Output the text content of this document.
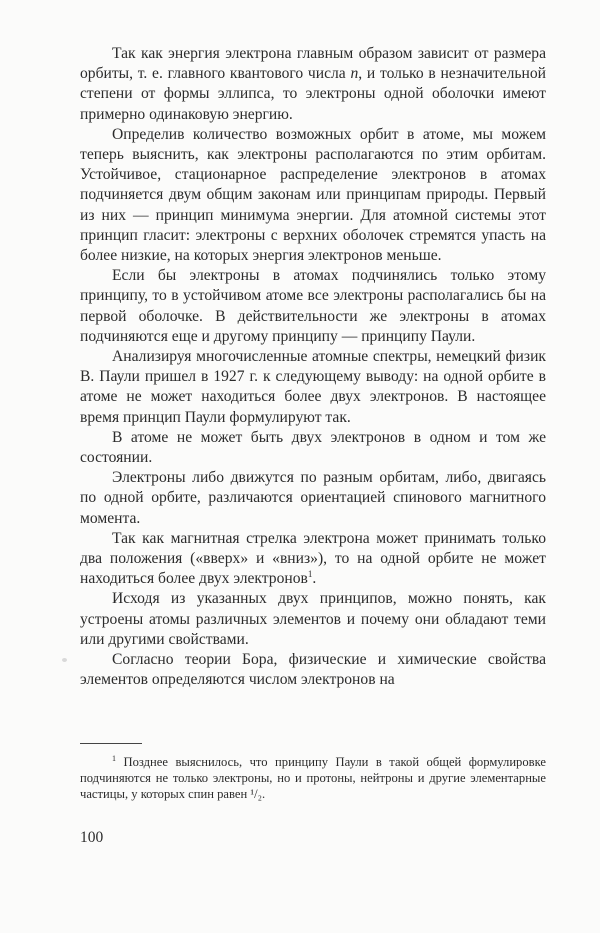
Так как энергия электрона главным образом зависит от размера орбиты, т. е. главного квантового числа n, и только в незначительной степени от формы эллипса, то электроны одной оболочки имеют примерно одинаковую энергию.

Определив количество возможных орбит в атоме, мы можем теперь выяснить, как электроны располагаются по этим орбитам. Устойчивое, стационарное распределение электронов в атомах подчиняется двум общим законам или принципам природы. Первый из них — принцип минимума энергии. Для атомной системы этот принцип гласит: электроны с верхних оболочек стремятся упасть на более низкие, на которых энергия электронов меньше.

Если бы электроны в атомах подчинялись только этому принципу, то в устойчивом атоме все электроны располагались бы на первой оболочке. В действительности же электроны в атомах подчиняются еще и другому принципу — принципу Паули.

Анализируя многочисленные атомные спектры, немецкий физик В. Паули пришел в 1927 г. к следующему выводу: на одной орбите в атоме не может находиться более двух электронов. В настоящее время принцип Паули формулируют так.

В атоме не может быть двух электронов в одном и том же состоянии.

Электроны либо движутся по разным орбитам, либо, двигаясь по одной орбите, различаются ориентацией спинового магнитного момента.

Так как магнитная стрелка электрона может принимать только два положения («вверх» и «вниз»), то на одной орбите не может находиться более двух электронов$^1$.

Исходя из указанных двух принципов, можно понять, как устроены атомы различных элементов и почему они обладают теми или другими свойствами.

Согласно теории Бора, физические и химические свойства элементов определяются числом электронов на

$^1$ Позднее выяснилось, что принципу Паули в такой общей формулировке подчиняются не только электроны, но и протоны, нейтроны и другие элементарные частицы, у которых спин равен ¹/₂.

100
